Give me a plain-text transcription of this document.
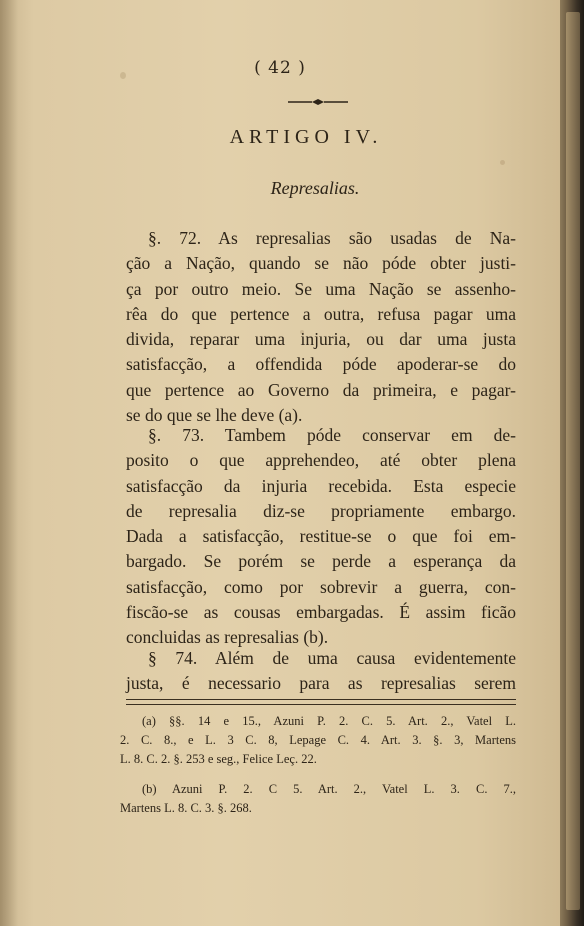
( 42 )
ARTIGO IV.
Represalias.
§. 72. As represalias são usadas de Na-
ção a Nação, quando se não póde obter justi-
ça por outro meio. Se uma Nação se assenho-
rêa do que pertence a outra, refusa pagar uma
divida, reparar uma injuria, ou dar uma justa
satisfacção, a offendida póde apoderar-se do
que pertence ao Governo da primeira, e pagar-
se do que se lhe deve (a).
§. 73. Tambem póde conservar em de-
posito o que apprehendeo, até obter plena
satisfacção da injuria recebida. Esta especie
de represalia diz-se propriamente embargo.
Dada a satisfacção, restitue-se o que foi em-
bargado. Se porém se perde a esperança da
satisfacção, como por sobrevir a guerra, con-
fiscão-se as cousas embargadas. É assim ficão
concluidas as represalias (b).
§ 74. Além de uma causa evidentemente
justa, é necessario para as represalias serem
(a) §§. 14 e 15., Azuni P. 2. C. 5. Art. 2., Vatel L.
2. C. 8., e L. 3 C. 8, Lepage C. 4. Art. 3. §. 3, Martens
L. 8. C. 2. §. 253 e seg., Felice Leç. 22.
(b) Azuni P. 2. C 5. Art. 2., Vatel L. 3. C. 7.,
Martens L. 8. C. 3. §. 268.
